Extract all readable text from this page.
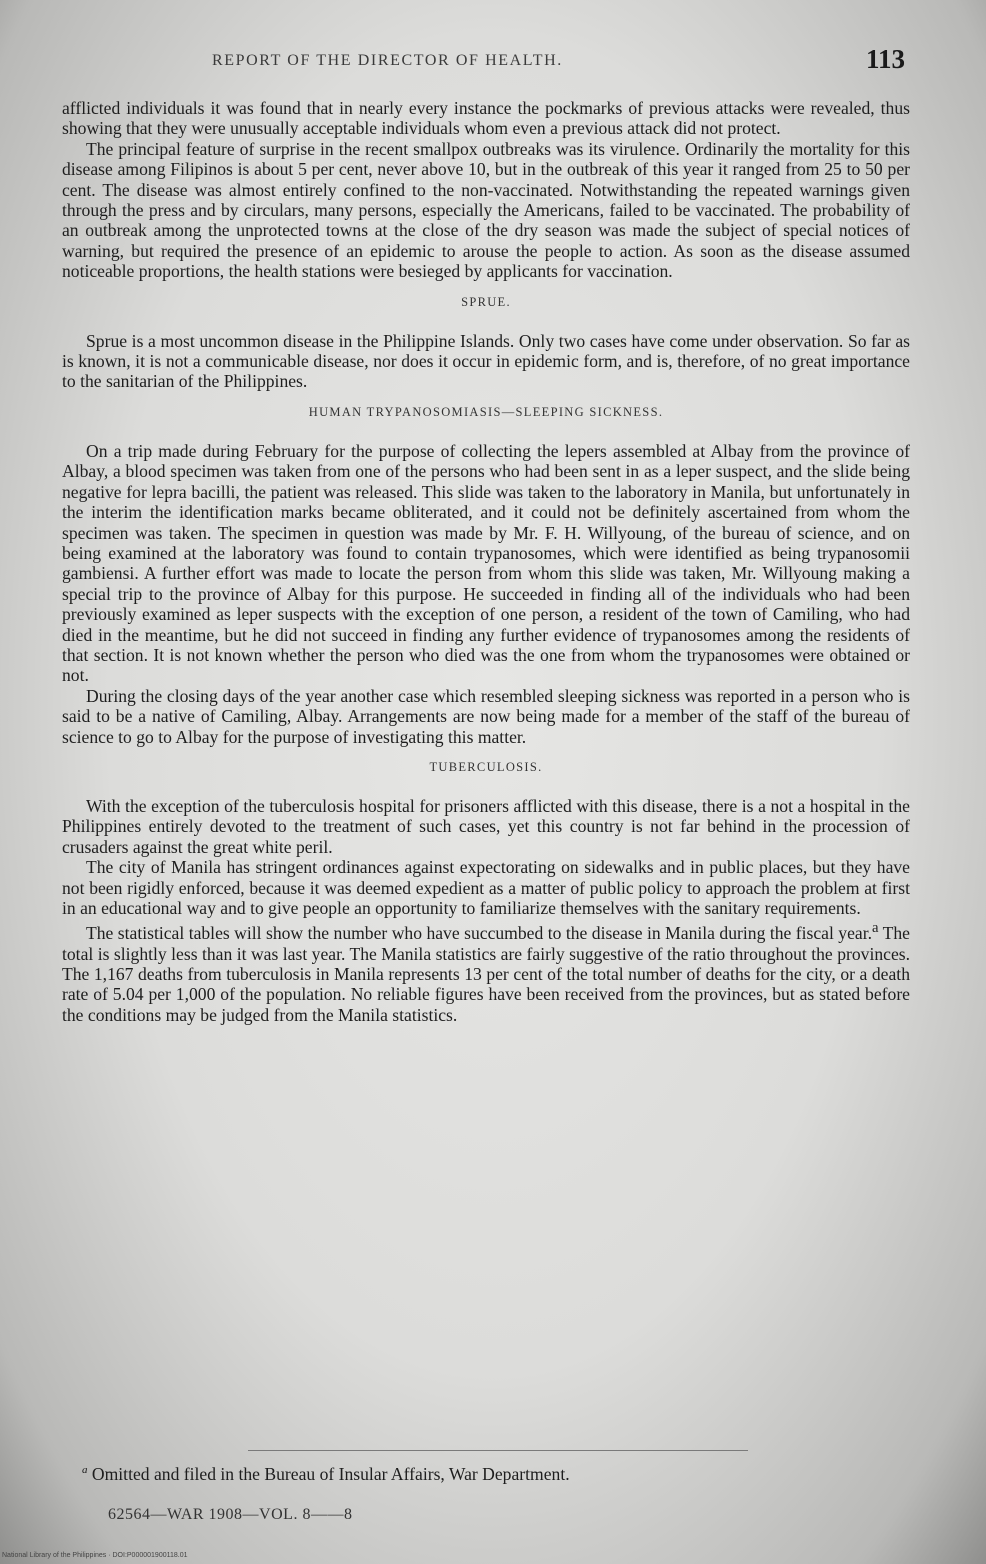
REPORT OF THE DIRECTOR OF HEALTH.	113

afflicted individuals it was found that in nearly every instance the pockmarks of previous attacks were revealed, thus showing that they were unusually acceptable individuals whom even a previous attack did not protect.

The principal feature of surprise in the recent smallpox outbreaks was its virulence. Ordinarily the mortality for this disease among Filipinos is about 5 per cent, never above 10, but in the outbreak of this year it ranged from 25 to 50 per cent. The disease was almost entirely confined to the non-vaccinated. Notwithstanding the repeated warnings given through the press and by circulars, many persons, especially the Americans, failed to be vaccinated. The probability of an outbreak among the unprotected towns at the close of the dry season was made the subject of special notices of warning, but required the presence of an epidemic to arouse the people to action. As soon as the disease assumed noticeable proportions, the health stations were besieged by applicants for vaccination.

SPRUE.

Sprue is a most uncommon disease in the Philippine Islands. Only two cases have come under observation. So far as is known, it is not a communicable disease, nor does it occur in epidemic form, and is, therefore, of no great importance to the sanitarian of the Philippines.

HUMAN TRYPANOSOMIASIS—SLEEPING SICKNESS.

On a trip made during February for the purpose of collecting the lepers assembled at Albay from the province of Albay, a blood specimen was taken from one of the persons who had been sent in as a leper suspect, and the slide being negative for lepra bacilli, the patient was released. This slide was taken to the laboratory in Manila, but unfortunately in the interim the identification marks became obliterated, and it could not be definitely ascertained from whom the specimen was taken. The specimen in question was made by Mr. F. H. Willyoung, of the bureau of science, and on being examined at the laboratory was found to contain trypanosomes, which were identified as being trypanosomii gambiensi. A further effort was made to locate the person from whom this slide was taken, Mr. Willyoung making a special trip to the province of Albay for this purpose. He succeeded in finding all of the individuals who had been previously examined as leper suspects with the exception of one person, a resident of the town of Camiling, who had died in the meantime, but he did not succeed in finding any further evidence of trypanosomes among the residents of that section. It is not known whether the person who died was the one from whom the trypanosomes were obtained or not.

During the closing days of the year another case which resembled sleeping sickness was reported in a person who is said to be a native of Camiling, Albay. Arrangements are now being made for a member of the staff of the bureau of science to go to Albay for the purpose of investigating this matter.

TUBERCULOSIS.

With the exception of the tuberculosis hospital for prisoners afflicted with this disease, there is a not a hospital in the Philippines entirely devoted to the treatment of such cases, yet this country is not far behind in the procession of crusaders against the great white peril.

The city of Manila has stringent ordinances against expectorating on sidewalks and in public places, but they have not been rigidly enforced, because it was deemed expedient as a matter of public policy to approach the problem at first in an educational way and to give people an opportunity to familiarize themselves with the sanitary requirements.

The statistical tables will show the number who have succumbed to the disease in Manila during the fiscal year.$^a$ The total is slightly less than it was last year. The Manila statistics are fairly suggestive of the ratio throughout the provinces. The 1,167 deaths from tuberculosis in Manila represents 13 per cent of the total number of deaths for the city, or a death rate of 5.04 per 1,000 of the population. No reliable figures have been received from the provinces, but as stated before the conditions may be judged from the Manila statistics.

$^a$ Omitted and filed in the Bureau of Insular Affairs, War Department.
62564—WAR 1908—VOL. 8——8
National Library of the Philippines · DOI:P000001900118.01
